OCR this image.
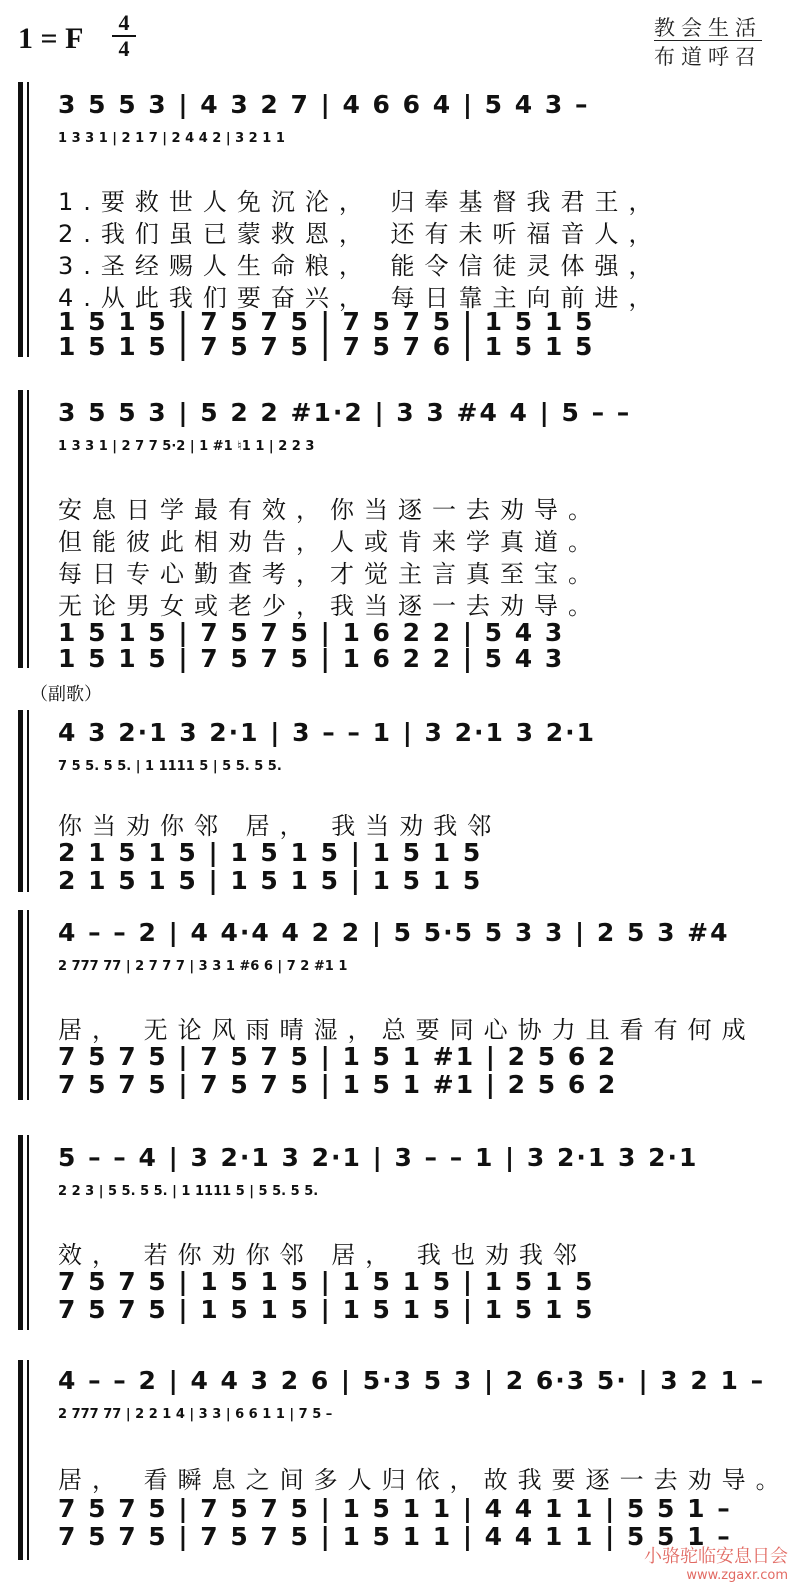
1 = F 4
4
教会生活
布道呼召
3 5 5 3 | 4 3 2 7 | 4 6 6 4 | 5 4 3 –
1 3 3 1 | 2 1 7 | 2 4 4 2 | 3 2 1 1
1.要救世人免沉沦， 归奉基督我君王，
2.我们虽已蒙救恩， 还有未听福音人，
3.圣经赐人生命粮， 能令信徒灵体强，
4.从此我们要奋兴， 每日靠主向前进，
1 5 1 5 | 7 5 7 5 | 7 5 7 5 | 1 5 1 5
1 5 1 5 | 7 5 7 5 | 7 5 7 6 | 1 5 1 5
3 5 5 3 | 5 2 2 #1·2 | 3 3 #4 4 | 5 – –
1 3 3 1 | 2 7 7 5·2 | 1 #1 ♮1 1 | 2 2 3
安息日学最有效，你当逐一去劝导。
但能彼此相劝告，人或肯来学真道。
每日专心勤查考，才觉主言真至宝。
无论男女或老少，我当逐一去劝导。
1 5 1 5 | 7 5 7 5 | 1 6 2 2 | 5 4 3
1 5 1 5 | 7 5 7 5 | 1 6 2 2 | 5 4 3
（副歌）
4 3 2·1 3 2·1 | 3 – – 1 | 3 2·1 3 2·1
7 5 5. 5 5. | 1 1111 5 | 5 5. 5 5.
你当劝你邻 居， 我当劝我邻
2 1 5 1 5 | 1 5 1 5 | 1 5 1 5
2 1 5 1 5 | 1 5 1 5 | 1 5 1 5
4 – – 2 | 4 4·4 4 2 2 | 5 5·5 5 3 3 | 2 5 3 #4
2 777 77 | 2 7 7 7 | 3 3 1 #6 6 | 7 2 #1 1
居， 无论风雨晴湿，总要同心协力且看有何成
7 5 7 5 | 7 5 7 5 | 1 5 1 #1 | 2 5 6 2
7 5 7 5 | 7 5 7 5 | 1 5 1 #1 | 2 5 6 2
5 – – 4 | 3 2·1 3 2·1 | 3 – – 1 | 3 2·1 3 2·1
2 2 3 | 5 5. 5 5. | 1 1111 5 | 5 5. 5 5.
效， 若你劝你邻 居， 我也劝我邻
7 5 7 5 | 1 5 1 5 | 1 5 1 5 | 1 5 1 5
7 5 7 5 | 1 5 1 5 | 1 5 1 5 | 1 5 1 5
4 – – 2 | 4 4 3 2 6 | 5·3 5 3 | 2 6·3 5· | 3 2 1 –
2 777 77 | 2 2 1 4 | 3 3 | 6 6 1 1 | 7 5 –
居， 看瞬息之间多人归依，故我要逐一去劝导。
7 5 7 5 | 7 5 7 5 | 1 5 1 1 | 4 4 1 1 | 5 5 1 –
7 5 7 5 | 7 5 7 5 | 1 5 1 1 | 4 4 1 1 | 5 5 1 –
小骆驼临安息日会
www.zgaxr.com
